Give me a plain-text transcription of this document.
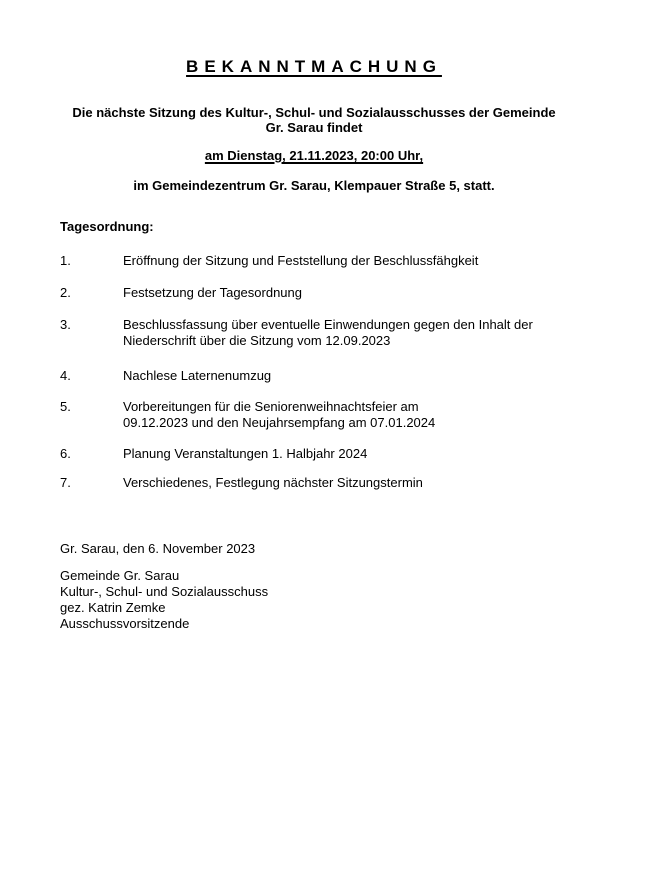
BEKANNTMACHUNG
Die nächste Sitzung des Kultur-, Schul- und Sozialausschusses der Gemeinde
Gr. Sarau findet
am Dienstag, 21.11.2023, 20:00 Uhr,
im Gemeindezentrum Gr. Sarau, Klempauer Straße 5, statt.
Tagesordnung:
1.	Eröffnung der Sitzung und Feststellung der Beschlussfähgkeit
2.	Festsetzung der Tagesordnung
3.	Beschlussfassung über eventuelle Einwendungen gegen den Inhalt der
Niederschrift über die Sitzung vom 12.09.2023
4.	Nachlese Laternenumzug
5.	Vorbereitungen für die Seniorenweihnachtsfeier am
09.12.2023 und den Neujahrsempfang am 07.01.2024
6.	Planung Veranstaltungen 1. Halbjahr 2024
7.	Verschiedenes, Festlegung nächster Sitzungstermin
Gr. Sarau, den 6. November 2023
Gemeinde Gr. Sarau
Kultur-, Schul- und Sozialausschuss
gez. Katrin Zemke
Ausschussvorsitzende
